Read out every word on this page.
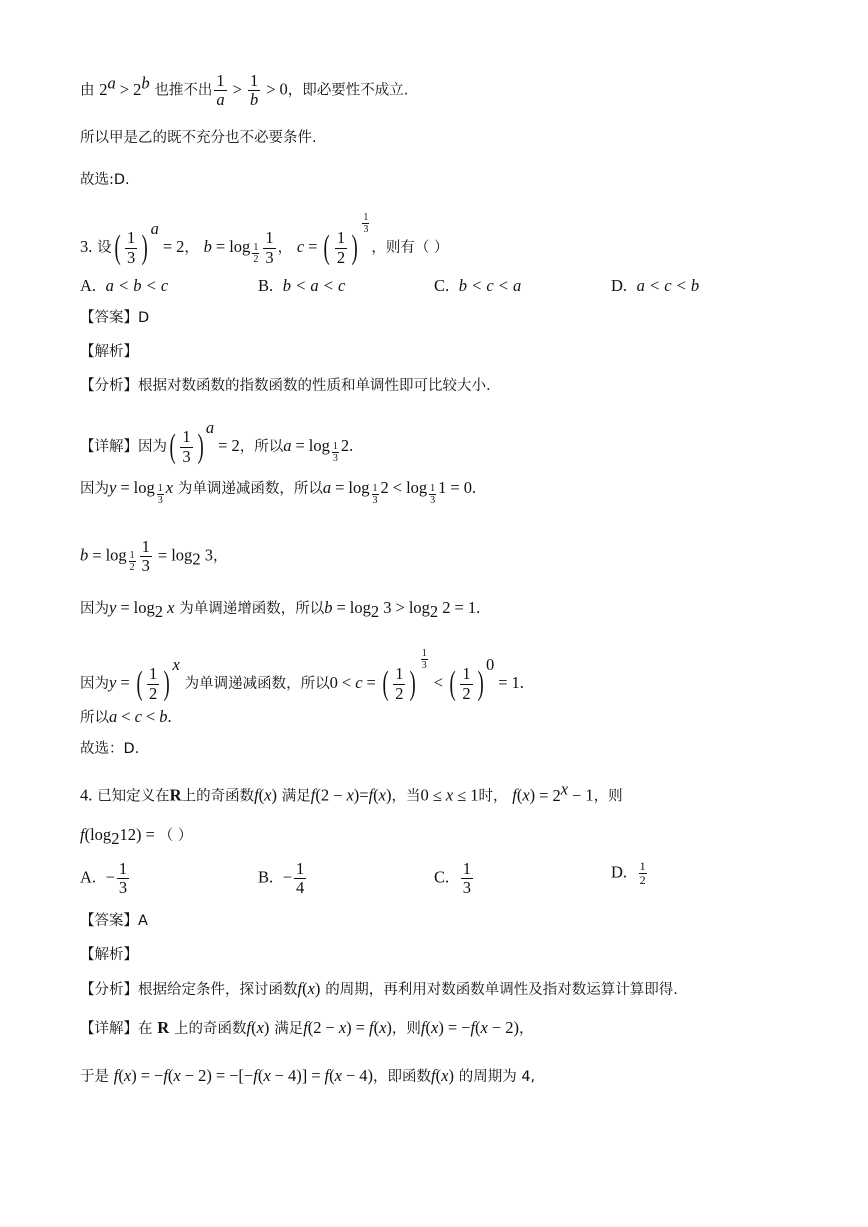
由 $2^a > 2^b$ 也推不出 $\frac{1}{a} > \frac{1}{b} > 0$，即必要性不成立.
所以甲是乙的既不充分也不必要条件.
故选:D.
3. 设( $\frac{1}{3} )^a= 2$， $b = \log _{\frac{1}{2}} \frac{1}{3}$ ， c = ( $\frac{1}{2}$ )
$^{\frac{1}{3}}$
，则有（ ）
A. a < b < c	B. b < a < c	C. b < c < a	D. a < c < b
【答案】D
【解析】
【分析】根据对数函数的指数函数的性质和单调性即可比较大小.
【详解】因为( $\frac{1}{3} )^a= 2$，所以a = log $_{\frac{1}{3}}$ 2.
因为y = log $_{\frac{1}{3}}$ x 为单调递减函数，所以a = log $_{\frac{1}{3}}$ 2 < log $_{\frac{1}{3}}$ 1 = 0.
$b = \log _{\frac{1}{2}} \frac{1}{3} = \log_2 3$，
因为$y = \log_2 x$ 为单调递增函数，所以$b = \log_2 3 > \log_2 2 = 1$.
因为y = ( $\frac{1}{2} )^x$ 为单调递减函数，所以0 < c = ( $\frac{1}{2}$ )
$^{\frac{1}{3}}$
< ( $\frac{1}{2} )^0= 1$.
所以a < c < b.
故选：D.
4. 已知定义在R上的奇函数f(x) 满足f(2 − x)=f(x)，当0 ≤ x ≤ 1时， $f(x) = 2^x - 1$，则
$f(\log_212)$ = （ ）
A. − $\frac{1}{3}$	B. − $\frac{1}{4}$	C. $\frac{1}{3}$	D. $\frac{1}{2}$
【答案】A
【解析】
【分析】根据给定条件，探讨函数f(x) 的周期，再利用对数函数单调性及指对数运算计算即得.
【详解】在 R 上的奇函数f(x) 满足f(2 − x) = f(x)，则f(x) = −f(x − 2)，
于是 f(x) = −f(x − 2) = −[−f(x − 4)] = f(x − 4)，即函数f(x) 的周期为 4,
